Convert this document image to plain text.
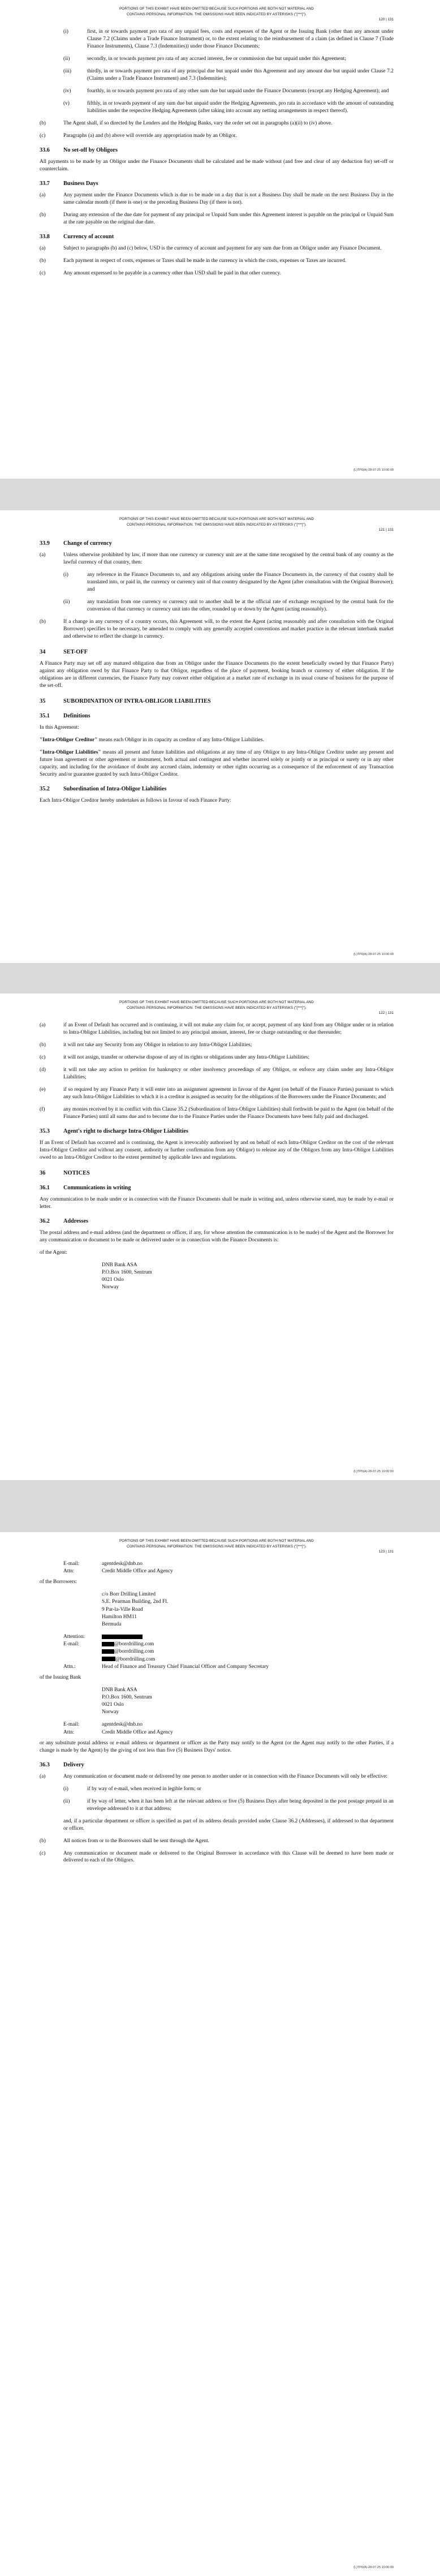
PORTIONS OF THIS EXHIBIT HAVE BEEN OMITTED BECAUSE SUCH PORTIONS ARE BOTH NOT MATERIAL AND
CONTAINS PERSONAL INFORMATION. THE OMISSIONS HAVE BEEN INDICATED BY ASTERISKS ("[***]").
120 | 131
(i)	first, in or towards payment pro rata of any unpaid fees, costs and expenses of the Agent or the Issuing Bank (other than any amount under Clause 7.2 (Claims under a Trade Finance Instrument) or, to the extent relating to the reimbursement of a claim (as defined in Clause 7 (Trade Finance Instruments), Clause 7.3 (Indemnities)) under those Finance Documents;
(ii)	secondly, in or towards payment pro rata of any accrued interest, fee or commission due but unpaid under this Agreement;
(iii)	thirdly, in or towards payment pro rata of any principal due but unpaid under this Agreement and any amount due but unpaid under Clause 7.2 (Claims under a Trade Finance Instrument) and 7.3 (Indemnities);
(iv)	fourthly, in or towards payment pro rata of any other sum due but unpaid under the Finance Documents (except any Hedging Agreement); and
(v)	fifthly, in or towards payment of any sum due but unpaid under the Hedging Agreements, pro rata in accordance with the amount of outstanding liabilities under the respective Hedging Agreements (after taking into account any netting arrangements in respect thereof).
(b)	The Agent shall, if so directed by the Lenders and the Hedging Banks, vary the order set out in paragraphs (a)(ii) to (iv) above.
(c)	Paragraphs (a) and (b) above will override any appropriation made by an Obligor.
33.6	No set-off by Obligors

All payments to be made by an Obligor under the Finance Documents shall be calculated and be made without (and free and clear of any deduction for) set-off or counterclaim.

33.7	Business Days
(a)	Any payment under the Finance Documents which is due to be made on a day that is not a Business Day shall be made on the next Business Day in the same calendar month (if there is one) or the preceding Business Day (if there is not).
(b)	During any extension of the due date for payment of any principal or Unpaid Sum under this Agreement interest is payable on the principal or Unpaid Sum at the rate payable on the original due date.
33.8	Currency of account
(a)	Subject to paragraphs (b) and (c) below, USD is the currency of account and payment for any sum due from an Obligor under any Finance Document.
(b)	Each payment in respect of costs, expenses or Taxes shall be made in the currency in which the costs, expenses or Taxes are incurred.
(c)	Any amount expressed to be payable in a currency other than USD shall be paid in that other currency.
(L)TP0(A)-28-07-25 10:00:00
PORTIONS OF THIS EXHIBIT HAVE BEEN OMITTED BECAUSE SUCH PORTIONS ARE BOTH NOT MATERIAL AND
CONTAINS PERSONAL INFORMATION. THE OMISSIONS HAVE BEEN INDICATED BY ASTERISKS ("[***]").
121 | 131
33.9	Change of currency
(a)	Unless otherwise prohibited by law, if more than one currency or currency unit are at the same time recognised by the central bank of any country as the lawful currency of that country, then:
(i)	any reference in the Finance Documents to, and any obligations arising under the Finance Documents in, the currency of that country shall be translated into, or paid in, the currency or currency unit of that country designated by the Agent (after consultation with the Original Borrower); and
(ii)	any translation from one currency or currency unit to another shall be at the official rate of exchange recognised by the central bank for the conversion of that currency or currency unit into the other, rounded up or down by the Agent (acting reasonably).
(b)	If a change in any currency of a country occurs, this Agreement will, to the extent the Agent (acting reasonably and after consultation with the Original Borrower) specifies to be necessary, be amended to comply with any generally accepted conventions and market practice in the relevant interbank market and otherwise to reflect the change in currency.
34	SET-OFF

A Finance Party may set off any matured obligation due from an Obligor under the Finance Documents (to the extent beneficially owned by that Finance Party) against any obligation owed by that Finance Party to that Obligor, regardless of the place of payment, booking branch or currency of either obligation. If the obligations are in different currencies, the Finance Party may convert either obligation at a market rate of exchange in its usual course of business for the purpose of the set-off.

35	SUBORDINATION OF INTRA-OBLIGOR LIABILITIES
35.1	Definitions

In this Agreement:

"Intra-Obligor Creditor" means each Obligor in its capacity as creditor of any Intra-Obligor Liabilities.

"Intra-Obligor Liabilities" means all present and future liabilities and obligations at any time of any Obligor to any Intra-Obligor Creditor under any present and future loan agreement or other agreement or instrument, both actual and contingent and whether incurred solely or jointly or as principal or surety or in any other capacity, and including for the avoidance of doubt any accrued claim, indemnity or other rights occurring as a consequence of the enforcement of any Transaction Security and/or guarantee granted by such Intra-Obligor Creditor.

35.2	Subordination of Intra-Obligor Liabilities

Each Intra-Obligor Creditor hereby undertakes as follows in favour of each Finance Party:

(L)TP0(A)-28-07-25 10:00:00
PORTIONS OF THIS EXHIBIT HAVE BEEN OMITTED BECAUSE SUCH PORTIONS ARE BOTH NOT MATERIAL AND
CONTAINS PERSONAL INFORMATION. THE OMISSIONS HAVE BEEN INDICATED BY ASTERISKS ("[***]").
122 | 131
(a)	if an Event of Default has occurred and is continuing, it will not make any claim for, or accept, payment of any kind from any Obligor under or in relation to Intra-Obligor Liabilities, including but not limited to any principal amount, interest, fee or charge outstanding or due thereunder;
(b)	it will not take any Security from any Obligor in relation to any Intra-Obligor Liabilities;
(c)	it will not assign, transfer or otherwise dispose of any of its rights or obligations under any Intra-Obligor Liabilities;
(d)	it will not take any action to petition for bankruptcy or other insolvency proceedings of any Obligor, or enforce any claim under any Intra-Obligor Liabilities;
(e)	if so required by any Finance Party it will enter into an assignment agreement in favour of the Agent (on behalf of the Finance Parties) pursuant to which any such Intra-Obligor Liabilities to which it is a creditor is assigned as security for the obligations of the Borrowers under the Finance Documents; and
(f)	any monies received by it in conflict with this Clause 35.2 (Subordination of Intra-Obligor Liabilities) shall forthwith be paid to the Agent (on behalf of the Finance Parties) until all sums due and to become due to the Finance Parties under the Finance Documents have been fully paid and discharged.
35.3	Agent's right to discharge Intra-Obligor Liabilities

If an Event of Default has occurred and is continuing, the Agent is irrevocably authorised by and on behalf of each Intra-Obligor Creditor on the cost of the relevant Intra-Obligor Creditor and without any consent, authority or further confirmation from any Obligor) to release any of the Obligors from any Intra-Obligor Liabilities owed to an Intra-Obligor Creditor to the extent permitted by applicable laws and regulations.

36	NOTICES
36.1	Communications in writing

Any communication to be made under or in connection with the Finance Documents shall be made in writing and, unless otherwise stated, may be made by e-mail or letter.

36.2	Addresses

The postal address and e-mail address (and the department or officer, if any, for whose attention the communication is to be made) of the Agent and the Borrower for any communication or document to be made or delivered under or in connection with the Finance Documents is:

of the Agent:

DNB Bank ASA
P.O.Box 1600, Sentrum
0021 Oslo
Norway
(L)TP0(A)-28-07-25 10:00:00
PORTIONS OF THIS EXHIBIT HAVE BEEN OMITTED BECAUSE SUCH PORTIONS ARE BOTH NOT MATERIAL AND
CONTAINS PERSONAL INFORMATION. THE OMISSIONS HAVE BEEN INDICATED BY ASTERISKS ("[***]").
123 | 131
E-mail:	agentdesk@dnb.no
Attn:	Credit Middle Office and Agency

of the Borrowers:

c/o Borr Drilling Limited
S.E. Pearman Building, 2nd Fl.
9 Par-la-Ville Road
Hamilton HM11
Bermuda
Attention:
E-mail:	@borrdrilling.com
@borrdrilling.com
@borrdrilling.com
Attn.:	Head of Finance and Treasury Chief Financial Officer and Company Secretary

of the Issuing Bank

DNB Bank ASA
P.O.Box 1600, Sentrum
0021 Oslo
Norway
E-mail:	agentdesk@dnb.no
Attn:	Credit Middle Office and Agency

or any substitute postal address or e-mail address or department or officer as the Party may notify to the Agent (or the Agent may notify to the other Parties, if a change is made by the Agent) by the giving of not less than five (5) Business Days' notice.

36.3	Delivery
(a)	Any communication or document made or delivered by one person to another under or in connection with the Finance Documents will only be effective:
(i)	if by way of e-mail, when received in legible form; or
(ii)	if by way of letter, when it has been left at the relevant address or five (5) Business Days after being deposited in the post postage prepaid in an envelope addressed to it at that address;

and, if a particular department or officer is specified as part of its address details provided under Clause 36.2 (Addresses), if addressed to that department or officer.

(b)	All notices from or to the Borrowers shall be sent through the Agent.
(c)	Any communication or document made or delivered to the Original Borrower in accordance with this Clause will be deemed to have been made or delivered to each of the Obligors.
(L)TP0(A)-28-07-25 10:00:00
